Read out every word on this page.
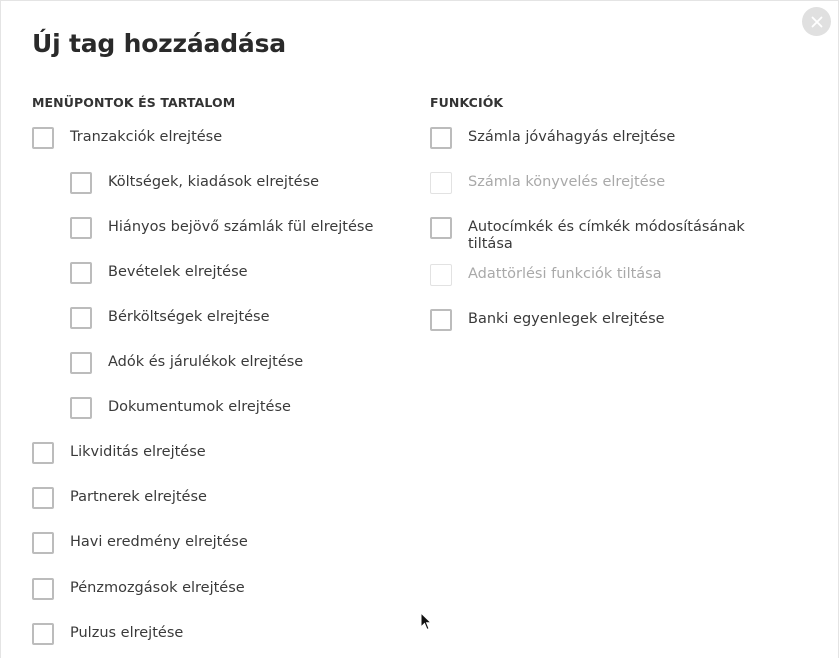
Új tag hozzáadása
MENÜPONTOK ÉS TARTALOM
Tranzakciók elrejtése
Költségek, kiadások elrejtése
Hiányos bejövő számlák fül elrejtése
Bevételek elrejtése
Bérköltségek elrejtése
Adók és járulékok elrejtése
Dokumentumok elrejtése
Likviditás elrejtése
Partnerek elrejtése
Havi eredmény elrejtése
Pénzmozgások elrejtése
Pulzus elrejtése
FUNKCIÓK
Számla jóváhagyás elrejtése
Számla könyvelés elrejtése
Autocímkék és címkék módosításának tiltása
Adattörlési funkciók tiltása
Banki egyenlegek elrejtése
